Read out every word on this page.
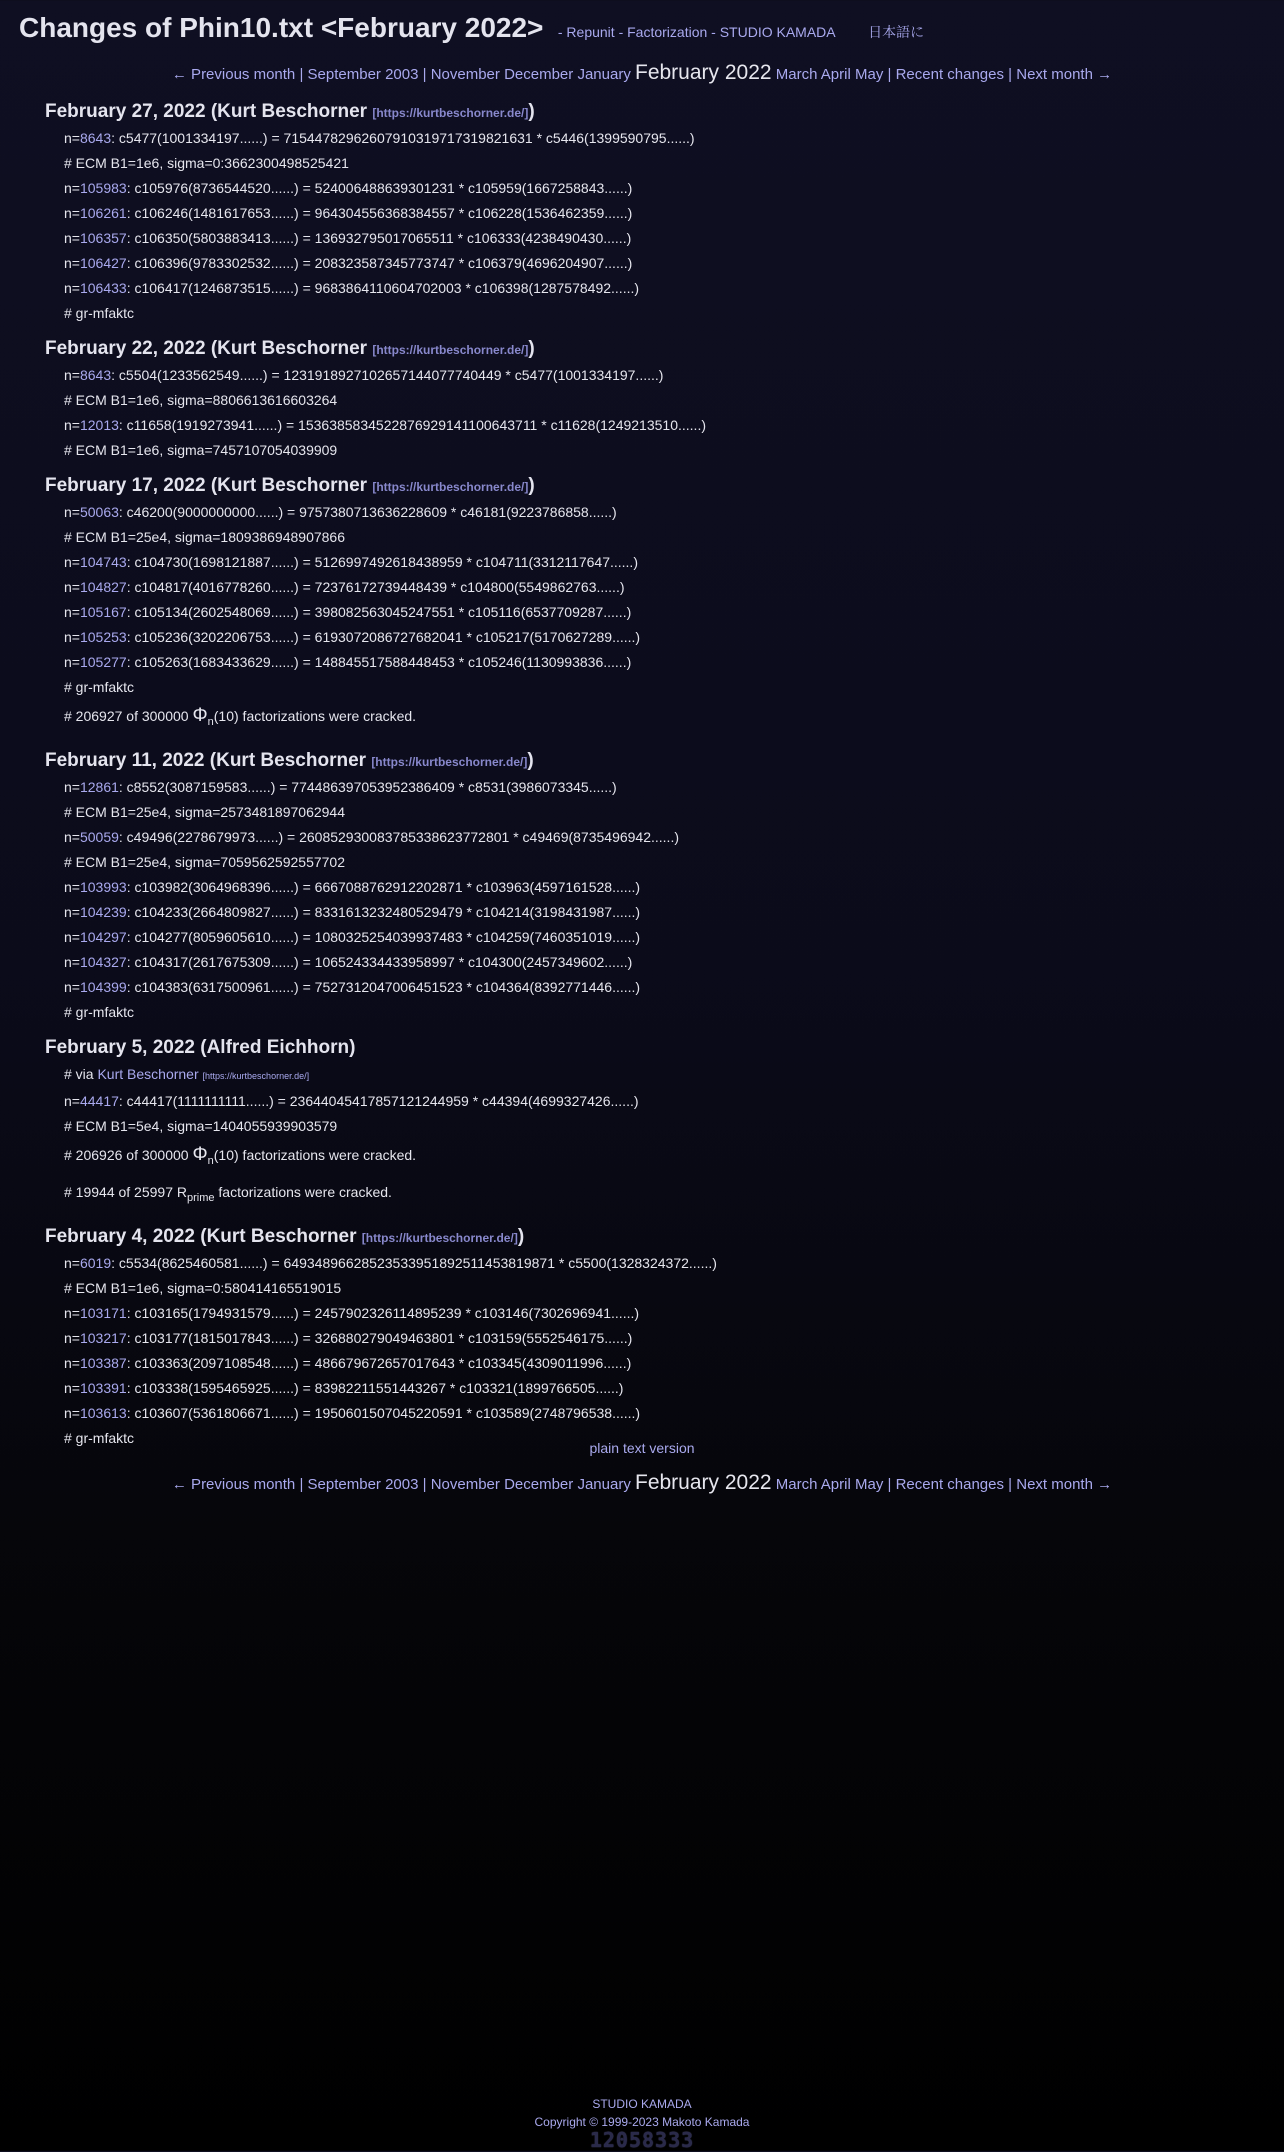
Changes of Phin10.txt <February 2022> - Repunit - Factorization - STUDIO KAMADA 日本語に
← Previous month | September 2003 | November December January February 2022 March April May | Recent changes | Next month →
February 27, 2022 (Kurt Beschorner [https://kurtbeschorner.de/])
n=8643: c5477(1001334197......) = 71544782962607910319717319821631 * c5446(1399590795......)
# ECM B1=1e6, sigma=0:3662300498525421
n=105983: c105976(8736544520......) = 524006488639301231 * c105959(1667258843......)
n=106261: c106246(1481617653......) = 964304556368384557 * c106228(1536462359......)
n=106357: c106350(5803883413......) = 136932795017065511 * c106333(4238490430......)
n=106427: c106396(9783302532......) = 208323587345773747 * c106379(4696204907......)
n=106433: c106417(1246873515......) = 9683864110604702003 * c106398(1287578492......)
# gr-mfaktc
February 22, 2022 (Kurt Beschorner [https://kurtbeschorner.de/])
n=8643: c5504(1233562549......) = 1231918927102657144077740449 * c5477(1001334197......)
# ECM B1=1e6, sigma=8806613616603264
n=12013: c11658(1919273941......) = 1536385834522876929141100643711 * c11628(1249213510......)
# ECM B1=1e6, sigma=7457107054039909
February 17, 2022 (Kurt Beschorner [https://kurtbeschorner.de/])
n=50063: c46200(9000000000......) = 9757380713636228609 * c46181(9223786858......)
# ECM B1=25e4, sigma=1809386948907866
n=104743: c104730(1698121887......) = 5126997492618438959 * c104711(3312117647......)
n=104827: c104817(4016778260......) = 72376172739448439 * c104800(5549862763......)
n=105167: c105134(2602548069......) = 398082563045247551 * c105116(6537709287......)
n=105253: c105236(3202206753......) = 6193072086727682041 * c105217(5170627289......)
n=105277: c105263(1683433629......) = 148845517588448453 * c105246(1130993836......)
# gr-mfaktc
# 206927 of 300000 $\Phi_n(10)$ factorizations were cracked.
February 11, 2022 (Kurt Beschorner [https://kurtbeschorner.de/])
n=12861: c8552(3087159583......) = 774486397053952386409 * c8531(3986073345......)
# ECM B1=25e4, sigma=2573481897062944
n=50059: c49496(2278679973......) = 260852930083785338623772801 * c49469(8735496942......)
# ECM B1=25e4, sigma=7059562592557702
n=103993: c103982(3064968396......) = 6667088762912202871 * c103963(4597161528......)
n=104239: c104233(2664809827......) = 8331613232480529479 * c104214(3198431987......)
n=104297: c104277(8059605610......) = 1080325254039937483 * c104259(7460351019......)
n=104327: c104317(2617675309......) = 106524334433958997 * c104300(2457349602......)
n=104399: c104383(6317500961......) = 7527312047006451523 * c104364(8392771446......)
# gr-mfaktc
February 5, 2022 (Alfred Eichhorn)
# via Kurt Beschorner [https://kurtbeschorner.de/]
n=44417: c44417(1111111111......) = 23644045417857121244959 * c44394(4699327426......)
# ECM B1=5e4, sigma=1404055939903579
# 206926 of 300000 $\Phi_n(10)$ factorizations were cracked.
# 19944 of 25997 $R_{prime}$ factorizations were cracked.
February 4, 2022 (Kurt Beschorner [https://kurtbeschorner.de/])
n=6019: c5534(8625460581......) = 64934896628523533951892511453819871 * c5500(1328324372......)
# ECM B1=1e6, sigma=0:580414165519015
n=103171: c103165(1794931579......) = 2457902326114895239 * c103146(7302696941......)
n=103217: c103177(1815017843......) = 326880279049463801 * c103159(5552546175......)
n=103387: c103363(2097108548......) = 486679672657017643 * c103345(4309011996......)
n=103391: c103338(1595465925......) = 83982211551443267 * c103321(1899766505......)
n=103613: c103607(5361806671......) = 1950601507045220591 * c103589(2748796538......)
# gr-mfaktc
plain text version
← Previous month | September 2003 | November December January February 2022 March April May | Recent changes | Next month →
STUDIO KAMADA
Copyright © 1999-2023 Makoto Kamada
12058333
